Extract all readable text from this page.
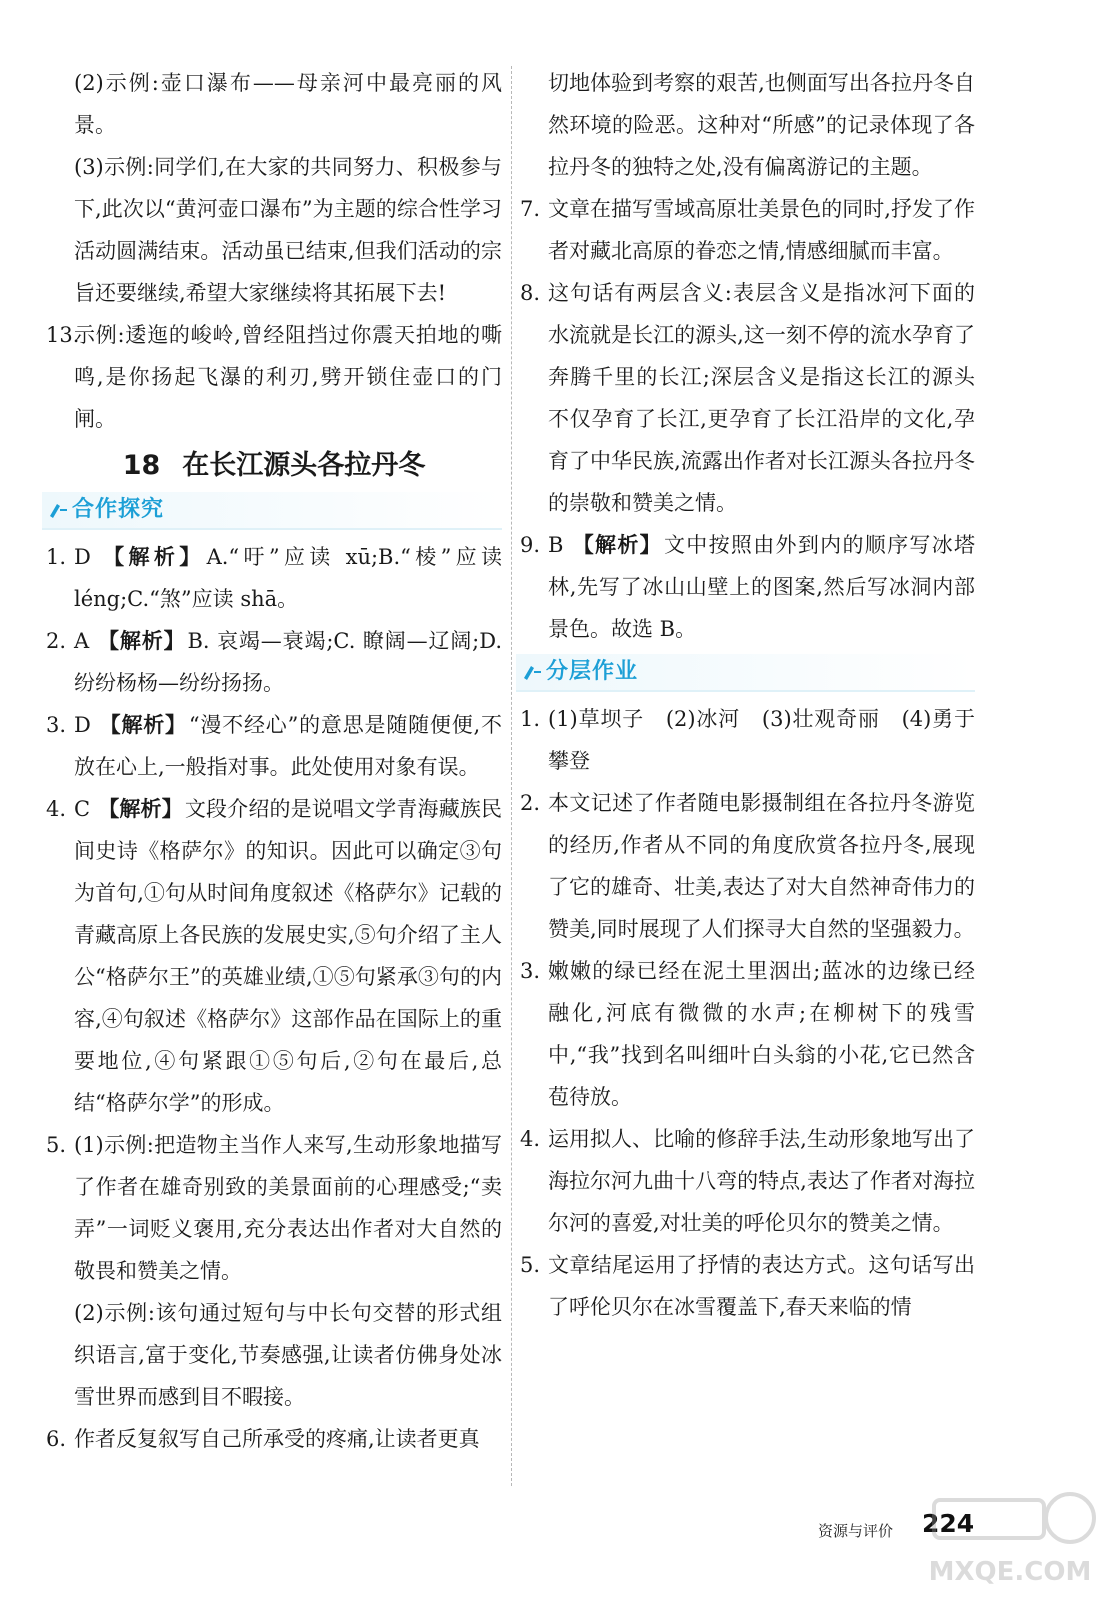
(2)示例:壶口瀑布——母亲河中最亮丽的风景。

(3)示例:同学们,在大家的共同努力、积极参与下,此次以“黄河壶口瀑布”为主题的综合性学习活动圆满结束。活动虽已结束,但我们活动的宗旨还要继续,希望大家继续将其拓展下去!

13.
示例:逶迤的峻岭,曾经阻挡过你震天拍地的嘶鸣,是你扬起飞瀑的利刃,劈开锁住壶口的门闸。
18 在长江源头各拉丹冬
合作探究
1. D 【解析】A.“吁”应读 xū;B.“棱”应读 léng;C.“煞”应读 shā。
2. A 【解析】B. 哀竭—衰竭;C. 瞭阔—辽阔;D. 纷纷杨杨—纷纷扬扬。
3. D 【解析】“漫不经心”的意思是随随便便,不放在心上,一般指对事。此处使用对象有误。
4. C 【解析】文段介绍的是说唱文学青海藏族民间史诗《格萨尔》的知识。因此可以确定③句为首句,①句从时间角度叙述《格萨尔》记载的青藏高原上各民族的发展史实,⑤句介绍了主人公“格萨尔王”的英雄业绩,①⑤句紧承③句的内容,④句叙述《格萨尔》这部作品在国际上的重要地位,④句紧跟①⑤句后,②句在最后,总结“格萨尔学”的形成。
5. (1)示例:把造物主当作人来写,生动形象地描写了作者在雄奇别致的美景面前的心理感受;“卖弄”一词贬义褒用,充分表达出作者对大自然的敬畏和赞美之情。

(2)示例:该句通过短句与中长句交替的形式组织语言,富于变化,节奏感强,让读者仿佛身处冰雪世界而感到目不暇接。

6. 作者反复叙写自己所承受的疼痛,让读者更真

切地体验到考察的艰苦,也侧面写出各拉丹冬自然环境的险恶。这种对“所感”的记录体现了各拉丹冬的独特之处,没有偏离游记的主题。

7. 文章在描写雪域高原壮美景色的同时,抒发了作者对藏北高原的眷恋之情,情感细腻而丰富。
8. 这句话有两层含义:表层含义是指冰河下面的水流就是长江的源头,这一刻不停的流水孕育了奔腾千里的长江;深层含义是指这长江的源头不仅孕育了长江,更孕育了长江沿岸的文化,孕育了中华民族,流露出作者对长江源头各拉丹冬的崇敬和赞美之情。
9. B 【解析】文中按照由外到内的顺序写冰塔林,先写了冰山山壁上的图案,然后写冰洞内部景色。故选 B。
分层作业
1. (1)草坝子　(2)冰河　(3)壮观奇丽　(4)勇于攀登
2. 本文记述了作者随电影摄制组在各拉丹冬游览的经历,作者从不同的角度欣赏各拉丹冬,展现了它的雄奇、壮美,表达了对大自然神奇伟力的赞美,同时展现了人们探寻大自然的坚强毅力。
3. 嫩嫩的绿已经在泥土里洇出;蓝冰的边缘已经融化,河底有微微的水声;在柳树下的残雪中,“我”找到名叫细叶白头翁的小花,它已然含苞待放。
4. 运用拟人、比喻的修辞手法,生动形象地写出了海拉尔河九曲十八弯的特点,表达了作者对海拉尔河的喜爱,对壮美的呼伦贝尔的赞美之情。
5. 文章结尾运用了抒情的表达方式。这句话写出了呼伦贝尔在冰雪覆盖下,春天来临的情
资源与评价 224
MXQE.COM
